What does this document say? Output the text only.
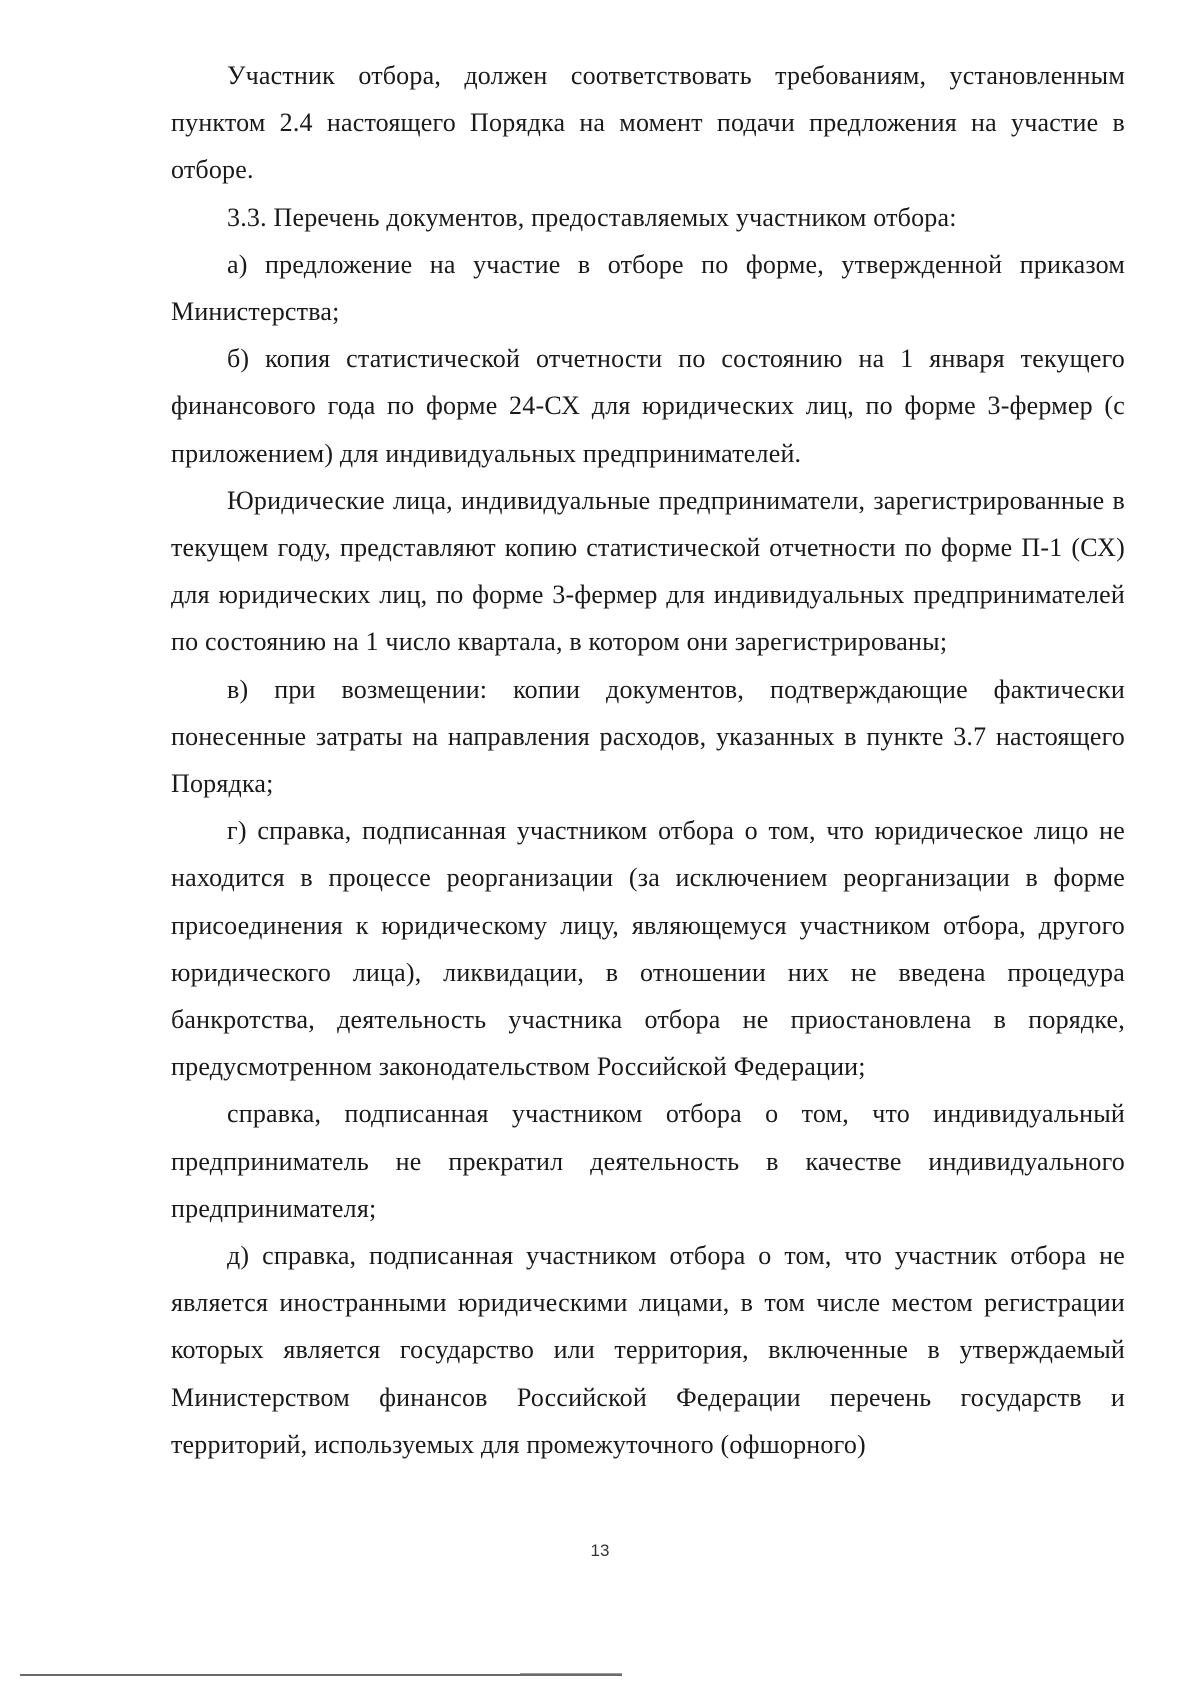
Участник отбора, должен соответствовать требованиям, установленным пунктом 2.4 настоящего Порядка на момент подачи предложения на участие в отборе.

3.3. Перечень документов, предоставляемых участником отбора:

а) предложение на участие в отборе по форме, утвержденной приказом Министерства;

б) копия статистической отчетности по состоянию на 1 января текущего финансового года по форме 24-СХ для юридических лиц, по форме 3-фермер (с приложением) для индивидуальных предпринимателей.

Юридические лица, индивидуальные предприниматели, зарегистрированные в текущем году, представляют копию статистической отчетности по форме П-1 (СХ) для юридических лиц, по форме 3-фермер для индивидуальных предпринимателей по состоянию на 1 число квартала, в котором они зарегистрированы;

в) при возмещении: копии документов, подтверждающие фактически понесенные затраты на направления расходов, указанных в пункте 3.7 настоящего Порядка;

г) справка, подписанная участником отбора о том, что юридическое лицо не находится в процессе реорганизации (за исключением реорганизации в форме присоединения к юридическому лицу, являющемуся участником отбора, другого юридического лица), ликвидации, в отношении них не введена процедура банкротства, деятельность участника отбора не приостановлена в порядке, предусмотренном законодательством Российской Федерации;

справка, подписанная участником отбора о том, что индивидуальный предприниматель не прекратил деятельность в качестве индивидуального предпринимателя;

д) справка, подписанная участником отбора о том, что участник отбора не является иностранными юридическими лицами, в том числе местом регистрации которых является государство или территория, включенные в утверждаемый Министерством финансов Российской Федерации перечень государств и территорий, используемых для промежуточного (офшорного)

13
